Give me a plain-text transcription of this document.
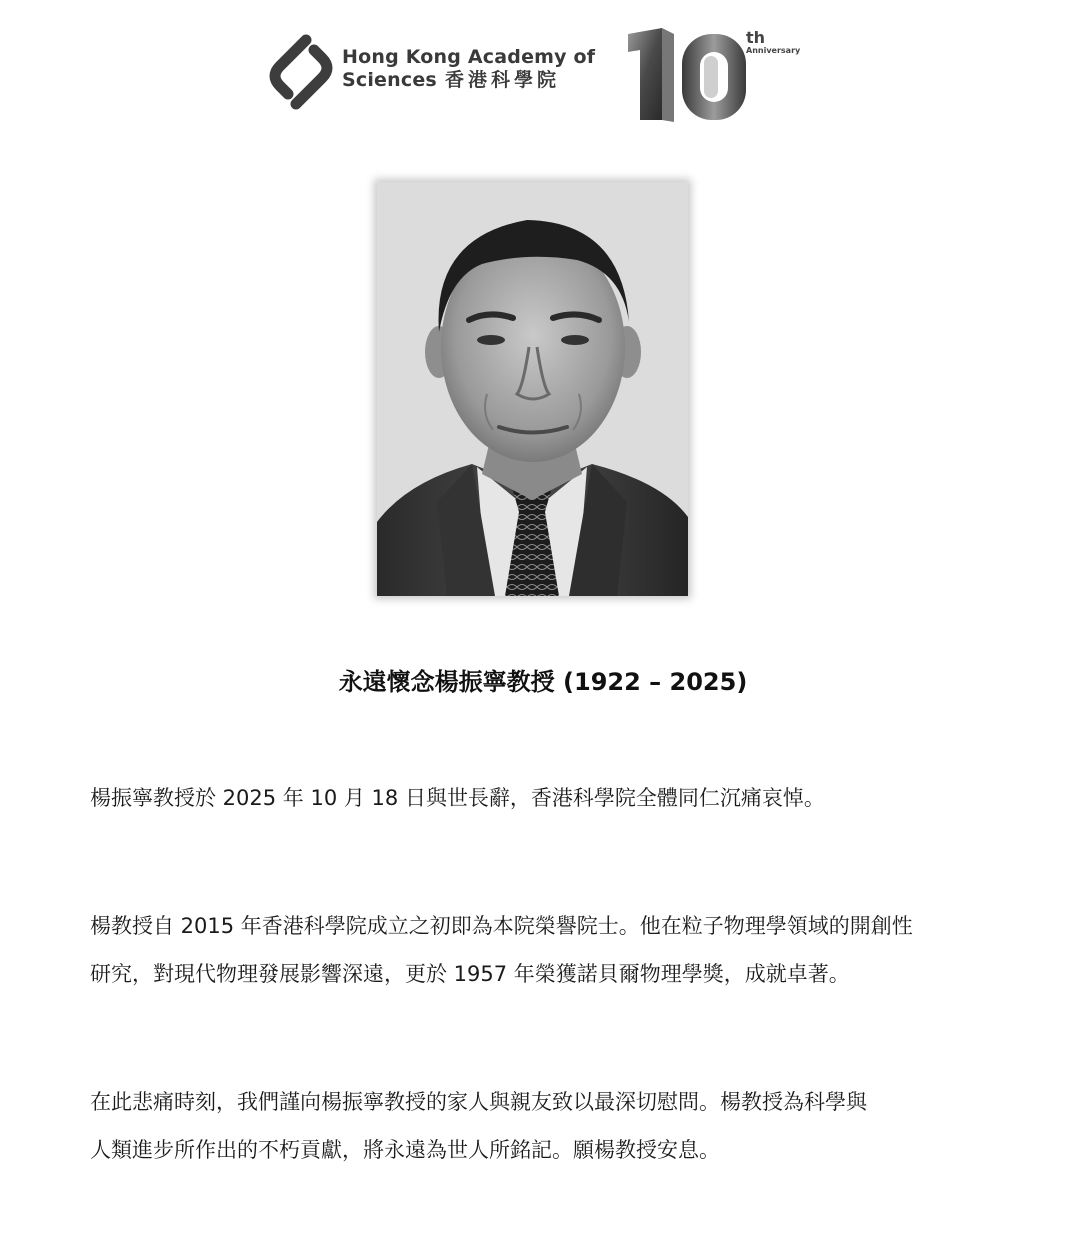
Hong Kong Academy of
Sciences 香港科學院
th
Anniversary
永遠懷念楊振寧教授 (1922 – 2025)
楊振寧教授於 2025 年 10 月 18 日與世長辭，香港科學院全體同仁沉痛哀悼。
楊教授自 2015 年香港科學院成立之初即為本院榮譽院士。他在粒子物理學領域的開創性
研究，對現代物理發展影響深遠，更於 1957 年榮獲諾貝爾物理學獎，成就卓著。
在此悲痛時刻，我們謹向楊振寧教授的家人與親友致以最深切慰問。楊教授為科學與
人類進步所作出的不朽貢獻，將永遠為世人所銘記。願楊教授安息。
